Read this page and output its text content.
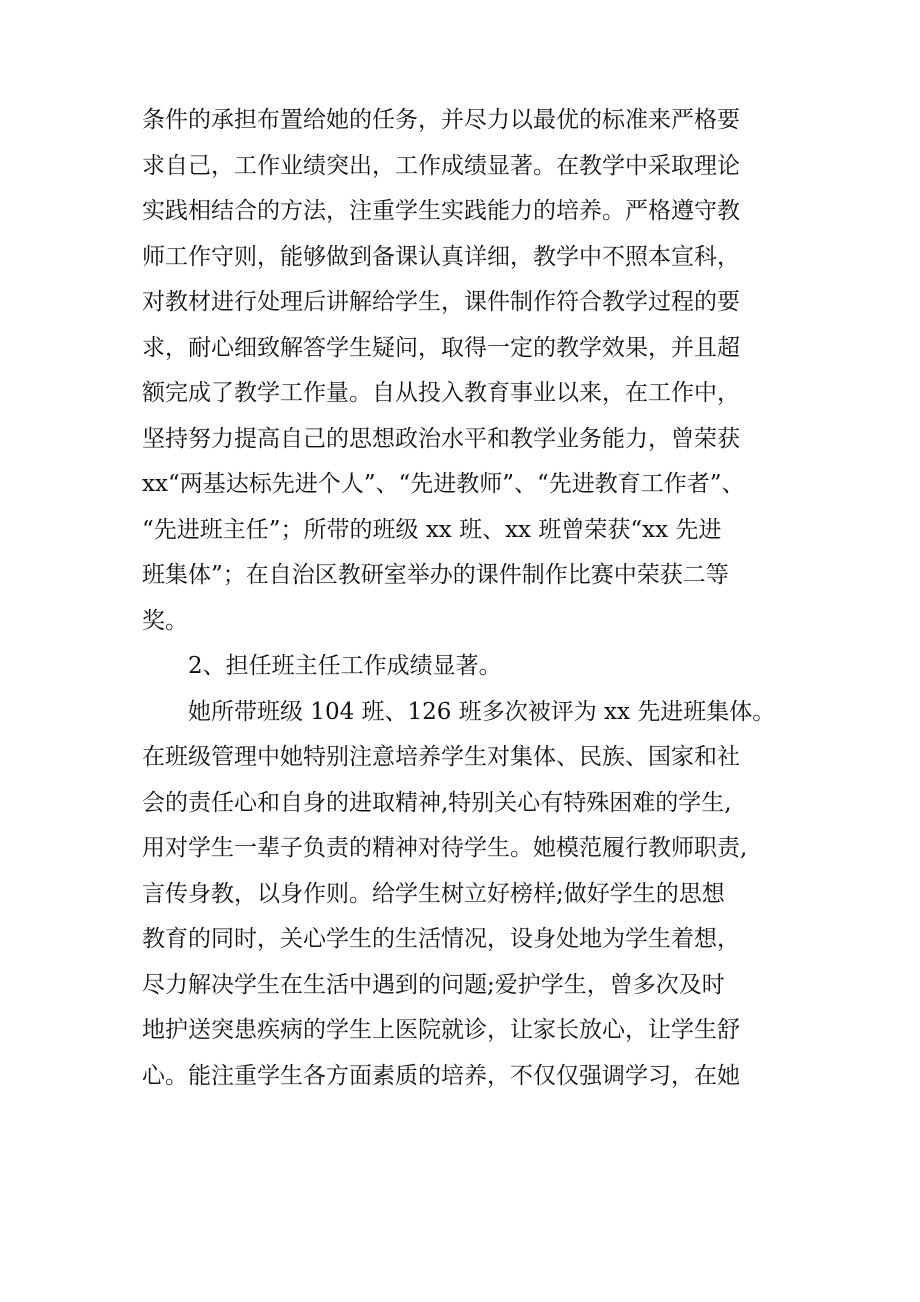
条件的承担布置给她的任务，并尽力以最优的标准来严格要
求自己，工作业绩突出，工作成绩显著。在教学中采取理论
实践相结合的方法，注重学生实践能力的培养。严格遵守教
师工作守则，能够做到备课认真详细，教学中不照本宣科，
对教材进行处理后讲解给学生，课件制作符合教学过程的要
求，耐心细致解答学生疑问，取得一定的教学效果，并且超
额完成了教学工作量。自从投入教育事业以来，在工作中，
坚持努力提高自己的思想政治水平和教学业务能力，曾荣获
xx“两基达标先进个人”、“先进教师”、“先进教育工作者”、
“先进班主任”；所带的班级 xx 班、xx 班曾荣获“xx 先进
班集体”；在自治区教研室举办的课件制作比赛中荣获二等
奖。
2、担任班主任工作成绩显著。
她所带班级 104 班、126 班多次被评为 xx 先进班集体。
在班级管理中她特别注意培养学生对集体、民族、国家和社
会的责任心和自身的进取精神,特别关心有特殊困难的学生,
用对学生一辈子负责的精神对待学生。她模范履行教师职责,
言传身教，以身作则。给学生树立好榜样;做好学生的思想
教育的同时，关心学生的生活情况，设身处地为学生着想，
尽力解决学生在生活中遇到的问题;爱护学生，曾多次及时
地护送突患疾病的学生上医院就诊，让家长放心，让学生舒
心。能注重学生各方面素质的培养，不仅仅强调学习，在她
